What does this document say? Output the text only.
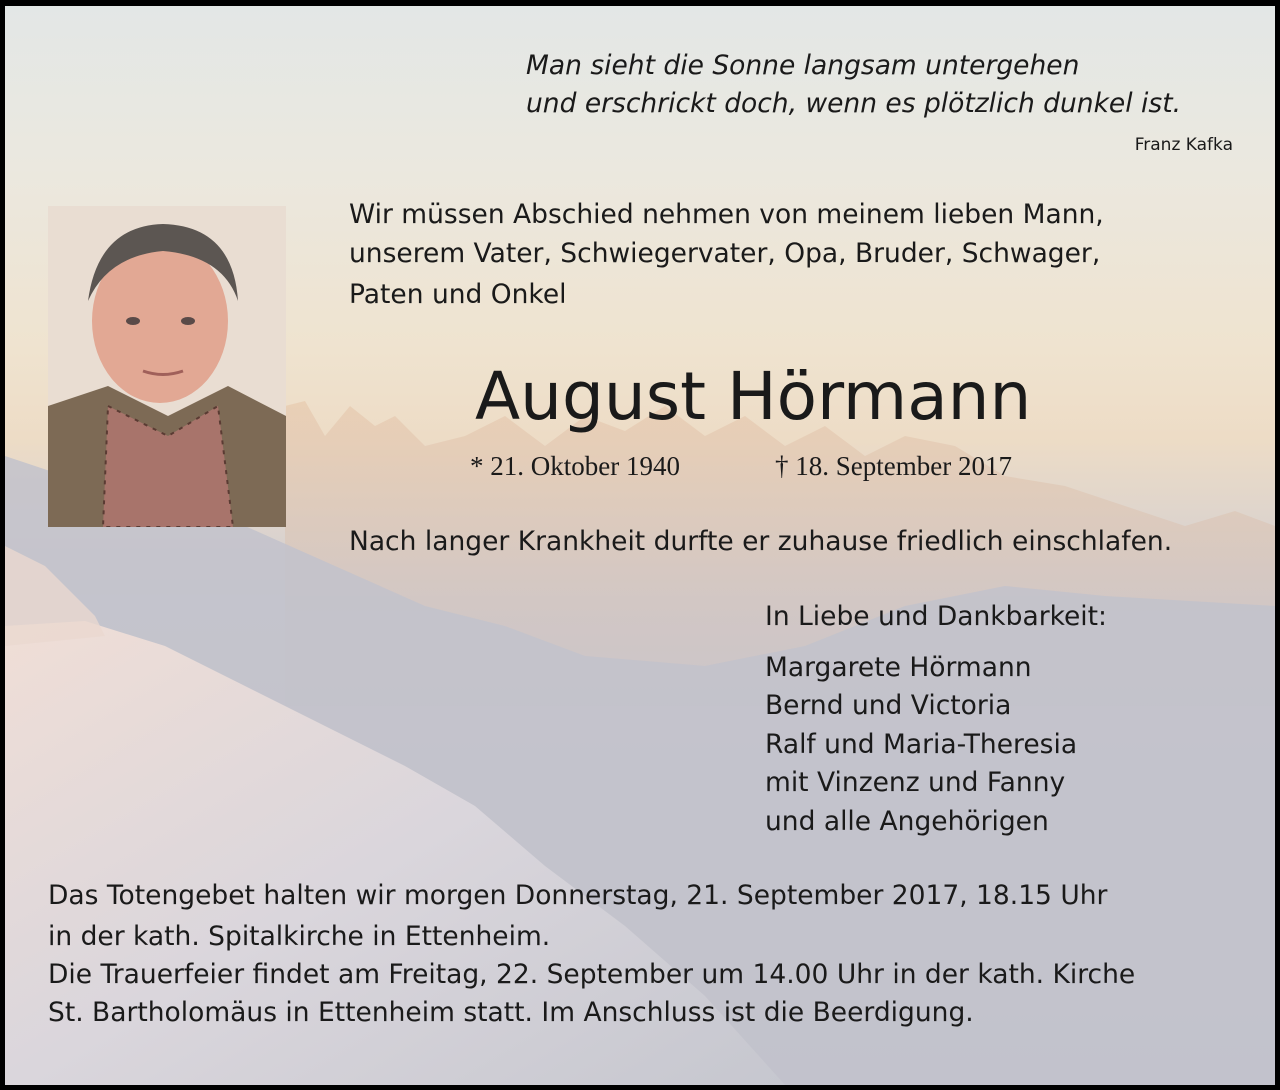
Man sieht die Sonne langsam untergehen
und erschrickt doch, wenn es plötzlich dunkel ist.
Franz Kafka
Wir müssen Abschied nehmen von meinem lieben Mann,
unserem Vater, Schwiegervater, Opa, Bruder, Schwager,
Paten und Onkel
August Hörmann
* 21. Oktober 1940	† 18. September 2017
Nach langer Krankheit durfte er zuhause friedlich einschlafen.
In Liebe und Dankbarkeit:
Margarete Hörmann
Bernd und Victoria
Ralf und Maria-Theresia
mit Vinzenz und Fanny
und alle Angehörigen
Das Totengebet halten wir morgen Donnerstag, 21. September 2017, 18.15 Uhr
in der kath. Spitalkirche in Ettenheim.
Die Trauerfeier findet am Freitag, 22. September um 14.00 Uhr in der kath. Kirche
St. Bartholomäus in Ettenheim statt. Im Anschluss ist die Beerdigung.
